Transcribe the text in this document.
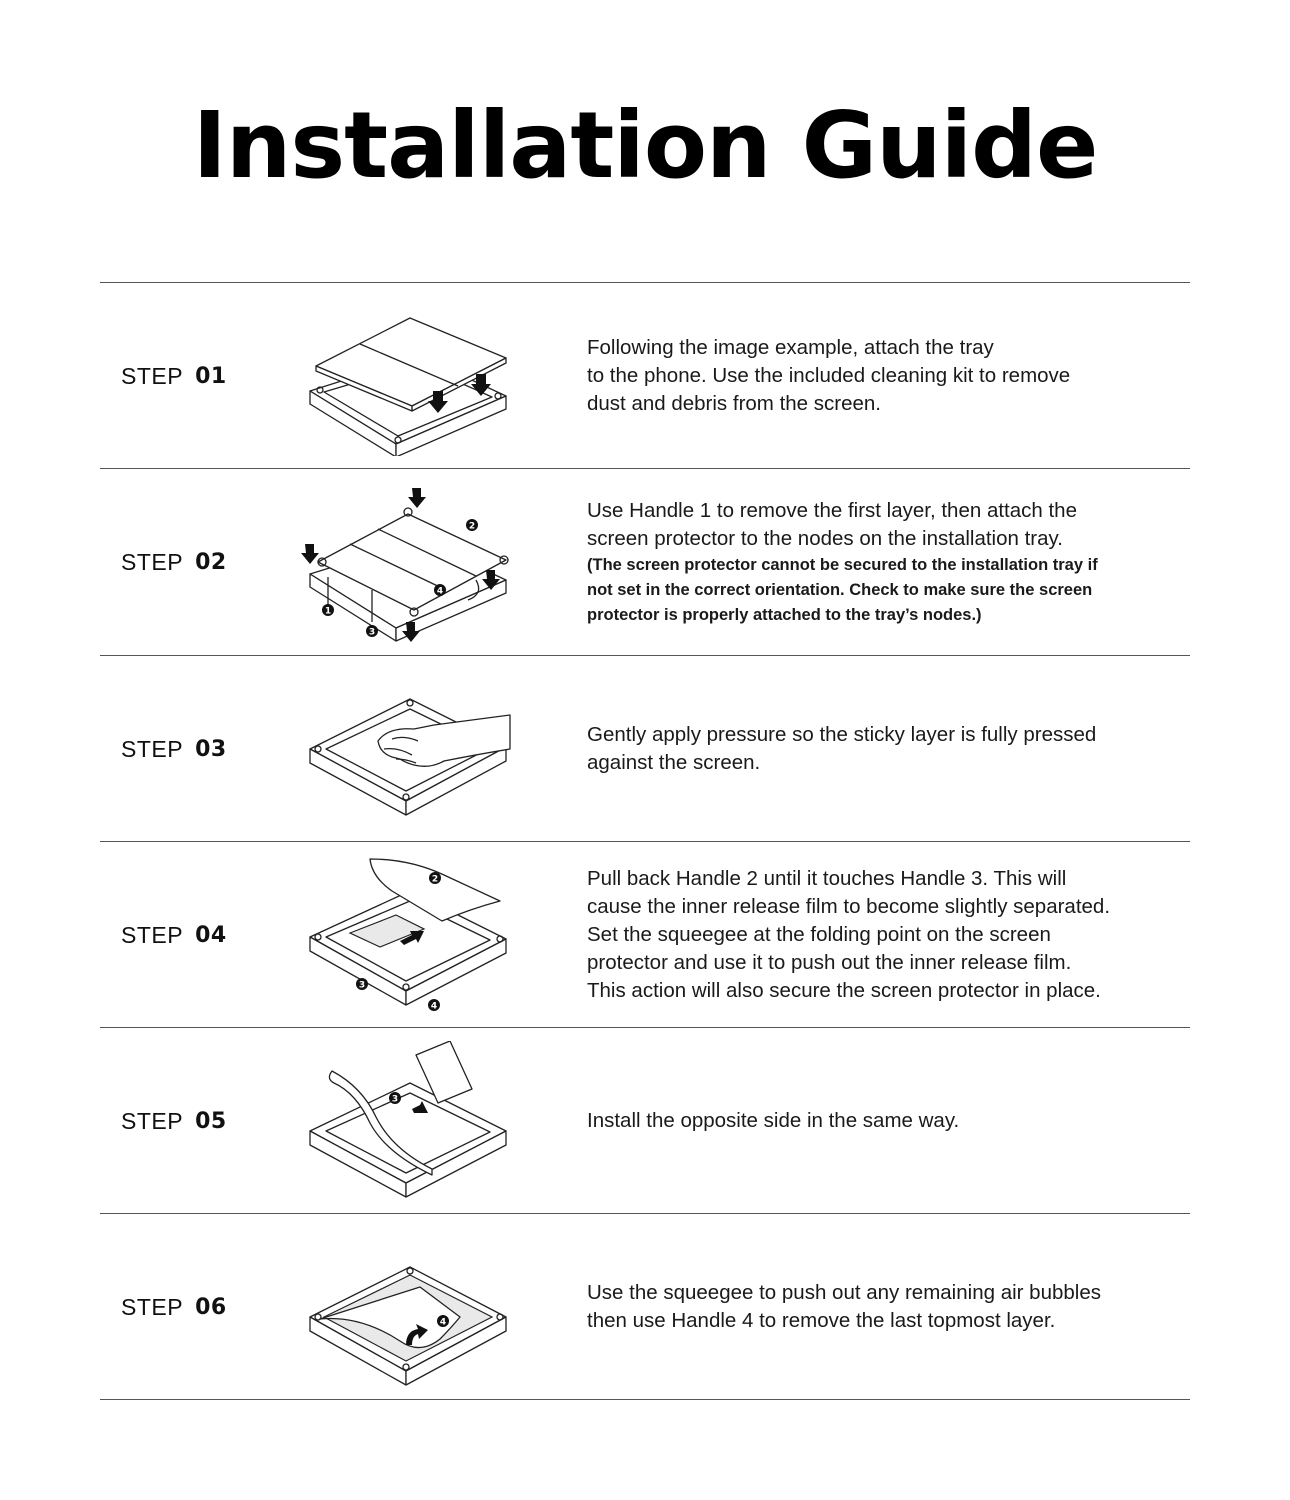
Installation Guide
STEP 01
Following the image example, attach the tray
to the phone. Use the included cleaning kit to remove
dust and debris from the screen.
STEP 02
1
2
3
4
Use Handle 1 to remove the first layer, then attach the
screen protector to the nodes on the installation tray.
(The screen protector cannot be secured to the installation tray if
not set in the correct orientation. Check to make sure the screen
protector is properly attached to the tray’s nodes.)
STEP 03
Gently apply pressure so the sticky layer is fully pressed
against the screen.
STEP 04
2
3
4
Pull back Handle 2 until it touches Handle 3. This will
cause the inner release film to become slightly separated.
Set the squeegee at the folding point on the screen
protector and use it to push out the inner release film.
This action will also secure the screen protector in place.
STEP 05
3
Install the opposite side in the same way.
STEP 06
4
Use the squeegee to push out any remaining air bubbles
then use Handle 4 to remove the last topmost layer.
